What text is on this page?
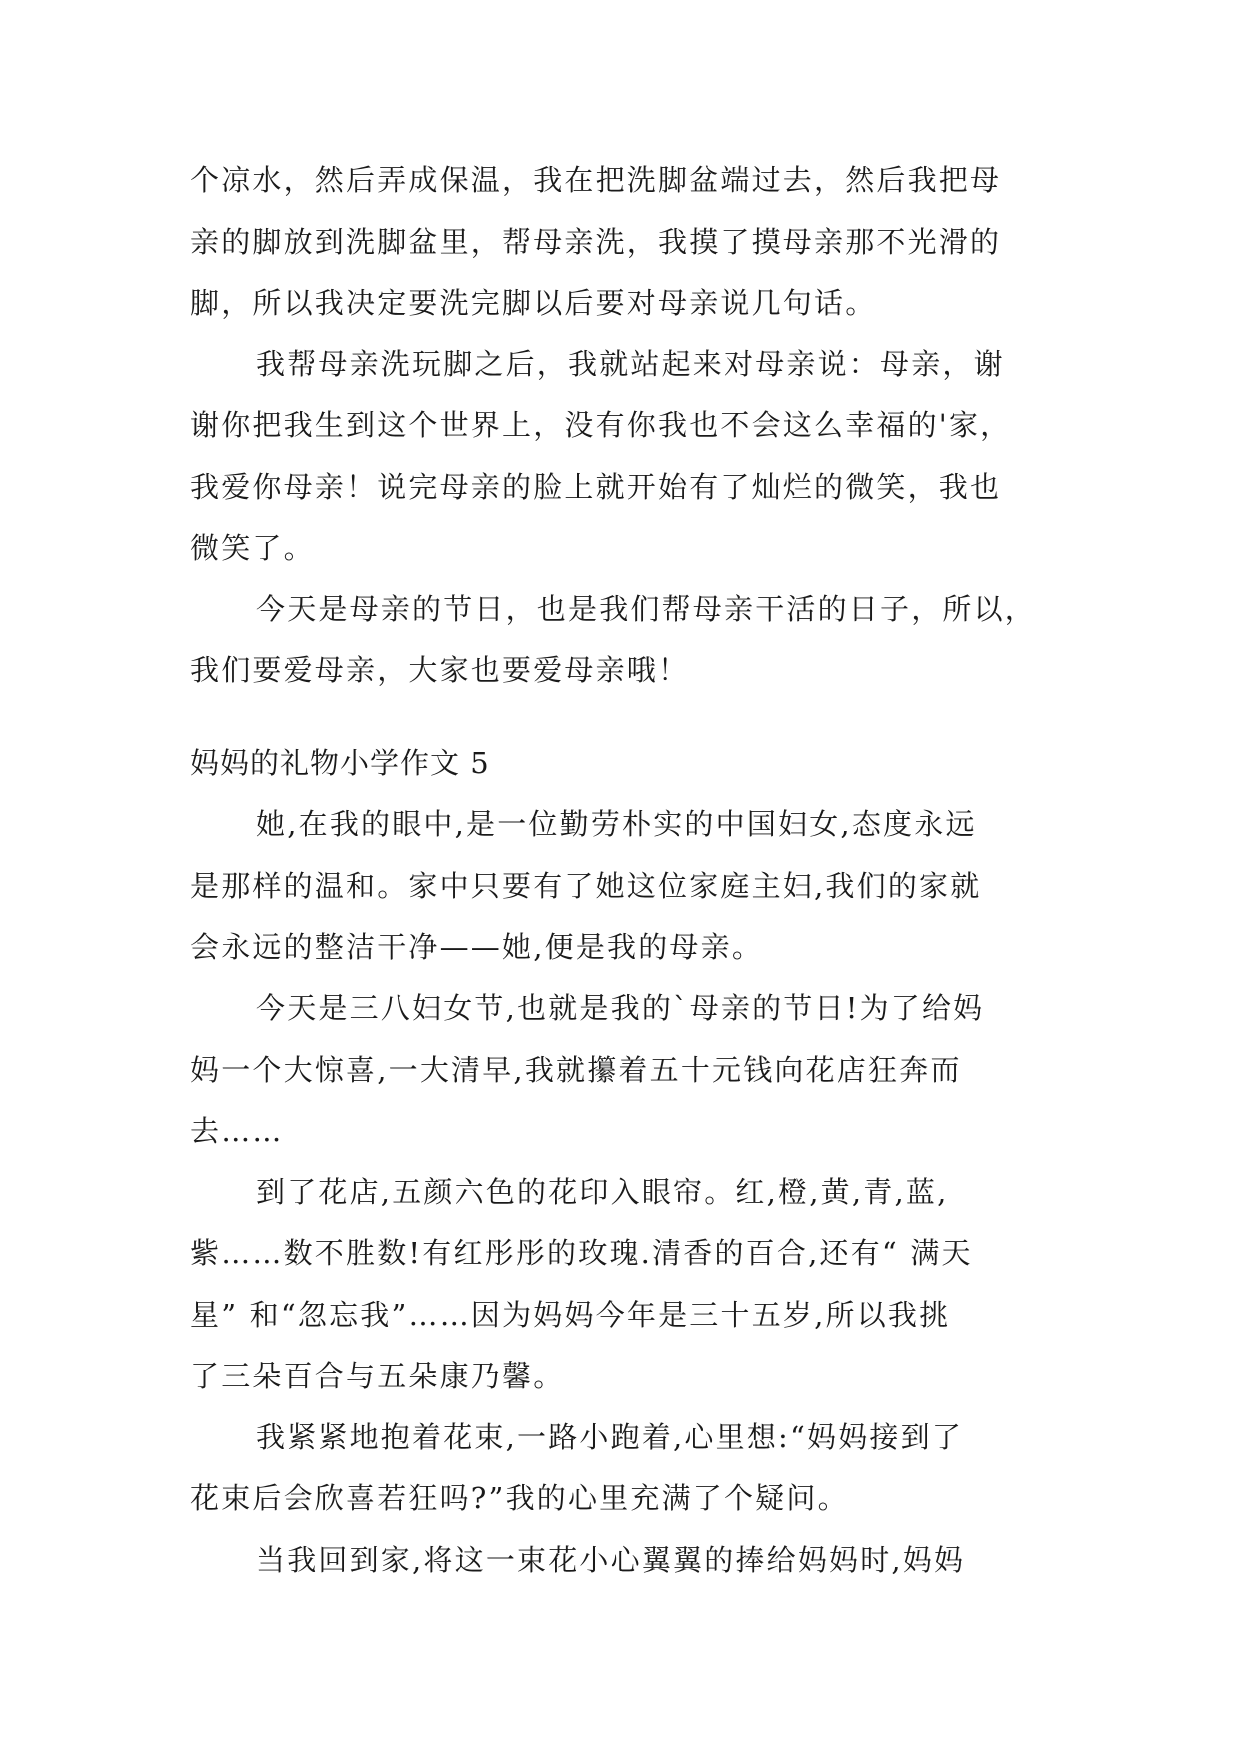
个凉水，然后弄成保温，我在把洗脚盆端过去，然后我把母
亲的脚放到洗脚盆里，帮母亲洗，我摸了摸母亲那不光滑的
脚，所以我决定要洗完脚以后要对母亲说几句话。
我帮母亲洗玩脚之后，我就站起来对母亲说：母亲，谢
谢你把我生到这个世界上，没有你我也不会这么幸福的'家，
我爱你母亲！说完母亲的脸上就开始有了灿烂的微笑，我也
微笑了。
今天是母亲的节日，也是我们帮母亲干活的日子，所以，
我们要爱母亲，大家也要爱母亲哦！
妈妈的礼物小学作文 5
她,在我的眼中,是一位勤劳朴实的中国妇女,态度永远
是那样的温和。家中只要有了她这位家庭主妇,我们的家就
会永远的整洁干净——她,便是我的母亲。
今天是三八妇女节,也就是我的`母亲的节日!为了给妈
妈一个大惊喜,一大清早,我就攥着五十元钱向花店狂奔而
去……
到了花店,五颜六色的花印入眼帘。红,橙,黄,青,蓝,
紫……数不胜数!有红彤彤的玫瑰.清香的百合,还有“ 满天
星” 和“忽忘我”……因为妈妈今年是三十五岁,所以我挑
了三朵百合与五朵康乃馨。
我紧紧地抱着花束,一路小跑着,心里想:“妈妈接到了
花束后会欣喜若狂吗?”我的心里充满了个疑问。
当我回到家,将这一束花小心翼翼的捧给妈妈时,妈妈
